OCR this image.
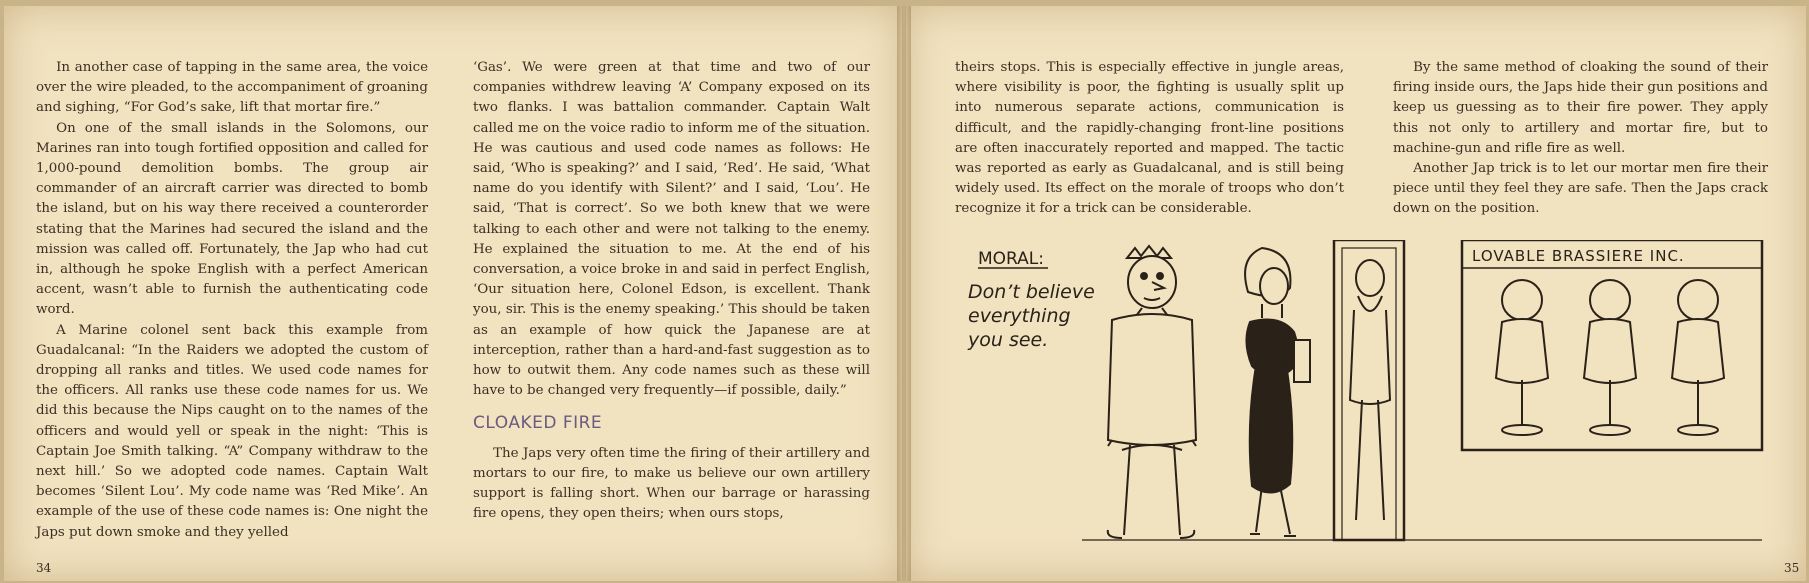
In another case of tapping in the same area, the voice over the wire pleaded, to the accompaniment of groaning and sighing, “For God’s sake, lift that mortar fire.”

On one of the small islands in the Solomons, our Marines ran into tough fortified opposition and called for 1,000-pound demolition bombs. The group air commander of an aircraft carrier was directed to bomb the island, but on his way there received a counterorder stating that the Marines had secured the island and the mission was called off. Fortunately, the Jap who had cut in, although he spoke English with a perfect American accent, wasn’t able to furnish the authenticating code word.

A Marine colonel sent back this example from Guadalcanal: “In the Raiders we adopted the custom of dropping all ranks and titles. We used code names for the officers. All ranks use these code names for us. We did this because the Nips caught on to the names of the officers and would yell or speak in the night: ‘This is Captain Joe Smith talking. “A” Company withdraw to the next hill.’ So we adopted code names. Captain Walt becomes ‘Silent Lou’. My code name was ‘Red Mike’. An example of the use of these code names is: One night the Japs put down smoke and they yelled

‘Gas’. We were green at that time and two of our companies withdrew leaving ‘A’ Company exposed on its two flanks. I was battalion commander. Captain Walt called me on the voice radio to inform me of the situation. He was cautious and used code names as follows: He said, ‘Who is speaking?’ and I said, ‘Red’. He said, ‘What name do you identify with Silent?’ and I said, ‘Lou’. He said, ‘That is correct’. So we both knew that we were talking to each other and were not talking to the enemy. He explained the situation to me. At the end of his conversation, a voice broke in and said in perfect English, ‘Our situation here, Colonel Edson, is excellent. Thank you, sir. This is the enemy speaking.’ This should be taken as an example of how quick the Japanese are at interception, rather than a hard-and-fast suggestion as to how to outwit them. Any code names such as these will have to be changed very frequently—if possible, daily.”

CLOAKED FIRE

The Japs very often time the firing of their artillery and mortars to our fire, to make us believe our own artillery support is falling short. When our barrage or harassing fire opens, they open theirs; when ours stops,

34

theirs stops. This is especially effective in jungle areas, where visibility is poor, the fighting is usually split up into numerous separate actions, communication is difficult, and the rapidly-changing front-line positions are often inaccurately reported and mapped. The tactic was reported as early as Guadalcanal, and is still being widely used. Its effect on the morale of troops who don’t recognize it for a trick can be considerable.

By the same method of cloaking the sound of their firing inside ours, the Japs hide their gun positions and keep us guessing as to their fire power. They apply this not only to artillery and mortar fire, but to machine-gun and rifle fire as well.

Another Jap trick is to let our mortar men fire their piece until they feel they are safe. Then the Japs crack down on the position.

35
MORAL:
Don’t believe
everything
you see.
LOVABLE BRASSIERE INC.
